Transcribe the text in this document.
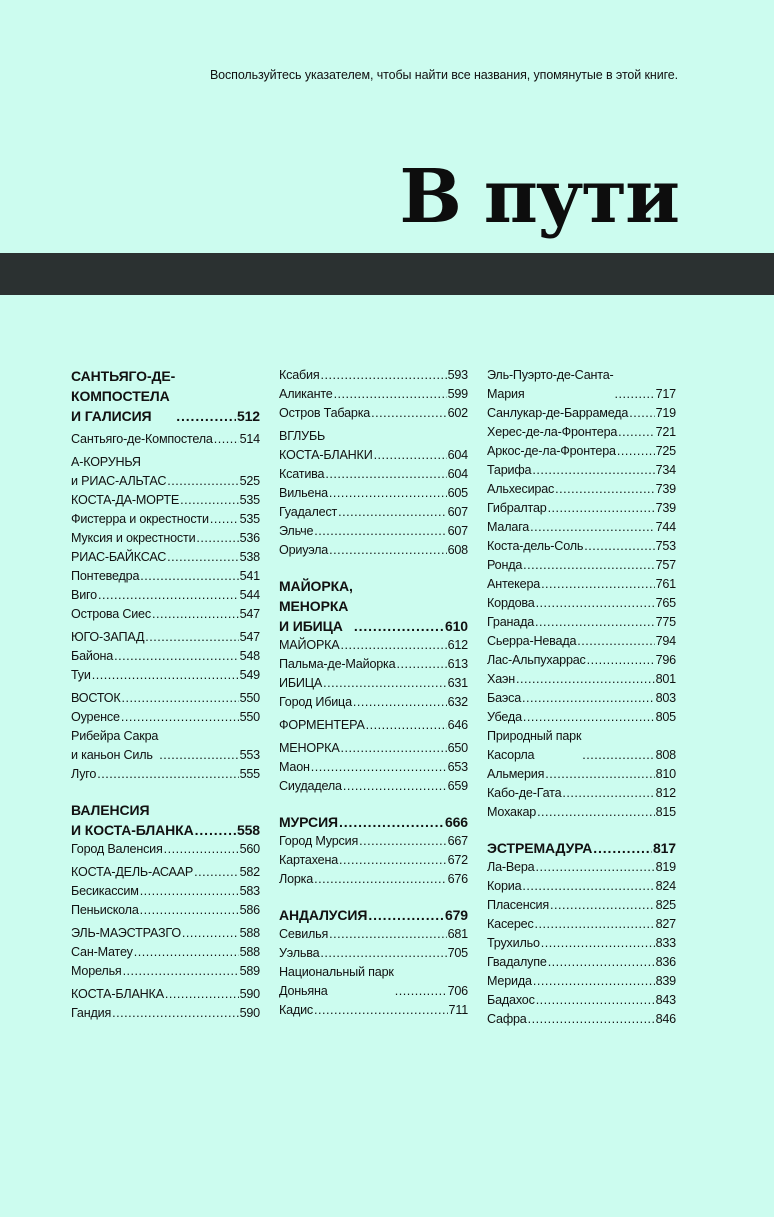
Воспользуйтесь указателем, чтобы найти все названия, упомянутые в этой книге.
В пути
САНТЬЯГО-ДЕ-
КОМПОСТЕЛА
И ГАЛИСИЯ . . .	512
Сантьяго-де-Компостела . . . 514
А-КОРУНЬЯ
и РИАС-АЛЬТАС . . .	525
КОСТА-ДА-МОРТЕ . . .	535
Фистерра и окрестности . . . 535
Муксия и окрестности . . .	536
РИАС-БАЙКСАС . . .	538
Понтеведра . . .	541
Виго . . .	544
Острова Сиес . . .	547
ЮГО-ЗАПАД . . .	547
Байона . . .	548
Туи . . .	549
ВОСТОК . . .	550
Оуренсе . . .	550
Рибейра Сакра
и каньон Силь . . .	553
Луго . . .	555
ВАЛЕНСИЯ
И КОСТА-БЛАНКА . . .	558
Город Валенсия . . .	560
КОСТА-ДЕЛЬ-АСААР . . .	582
Бесикассим . . .	583
Пеньискола . . .	586
ЭЛЬ-МАЭСТРАЗГО . . .	588
Сан-Матеу . . .	588
Морелья . . .	589
КОСТА-БЛАНКА . . .	590
Гандия . . .	590
Ксабия . . .	593
Аликанте . . .	599
Остров Табарка . . .	602
ВГЛУБЬ
КОСТА-БЛАНКИ . . .	604
Ксатива . . .	604
Вильена . . .	605
Гуадалест . . .	607
Эльче . . .	607
Ориуэла . . .	608
МАЙОРКА,
МЕНОРКА
И ИБИЦА . . .	610
МАЙОРКА . . .	612
Пальма-де-Майорка . . .	613
ИБИЦА . . .	631
Город Ибица . . .	632
ФОРМЕНТЕРА . . .	646
МЕНОРКА . . .	650
Маон . . .	653
Сиудадела . . .	659
МУРСИЯ . . .	666
Город Мурсия . . .	667
Картахена . . .	672
Лорка . . .	676
АНДАЛУСИЯ . . .	679
Севилья . . .	681
Уэльва . . .	705
Национальный парк
Доньяна . . .	706
Кадис . . .	711
Эль-Пуэрто-де-Санта-
Мария . . .	717
Санлукар-де-Баррамеда . . . 719
Херес-де-ла-Фронтера . . .	721
Аркос-де-ла-Фронтера . . .	725
Тарифа . . .	734
Альхесирас . . .	739
Гибралтар . . .	739
Малага . . .	744
Коста-дель-Соль . . .	753
Ронда . . .	757
Антекера . . .	761
Кордова . . .	765
Гранада . . .	775
Сьерра-Невада . . .	794
Лас-Альпухаррас . . .	796
Хаэн . . .	801
Баэса . . .	803
Убеда . . .	805
Природный парк
Касорла . . .	808
Альмерия . . .	810
Кабо-де-Гата . . .	812
Мохакар . . .	815
ЭСТРЕМАДУРА . . .	817
Ла-Вера . . .	819
Кориа . . .	824
Пласенсия . . .	825
Касерес . . .	827
Трухильо . . .	833
Гвадалупе . . .	836
Мерида . . .	839
Бадахос . . .	843
Сафра . . .	846
